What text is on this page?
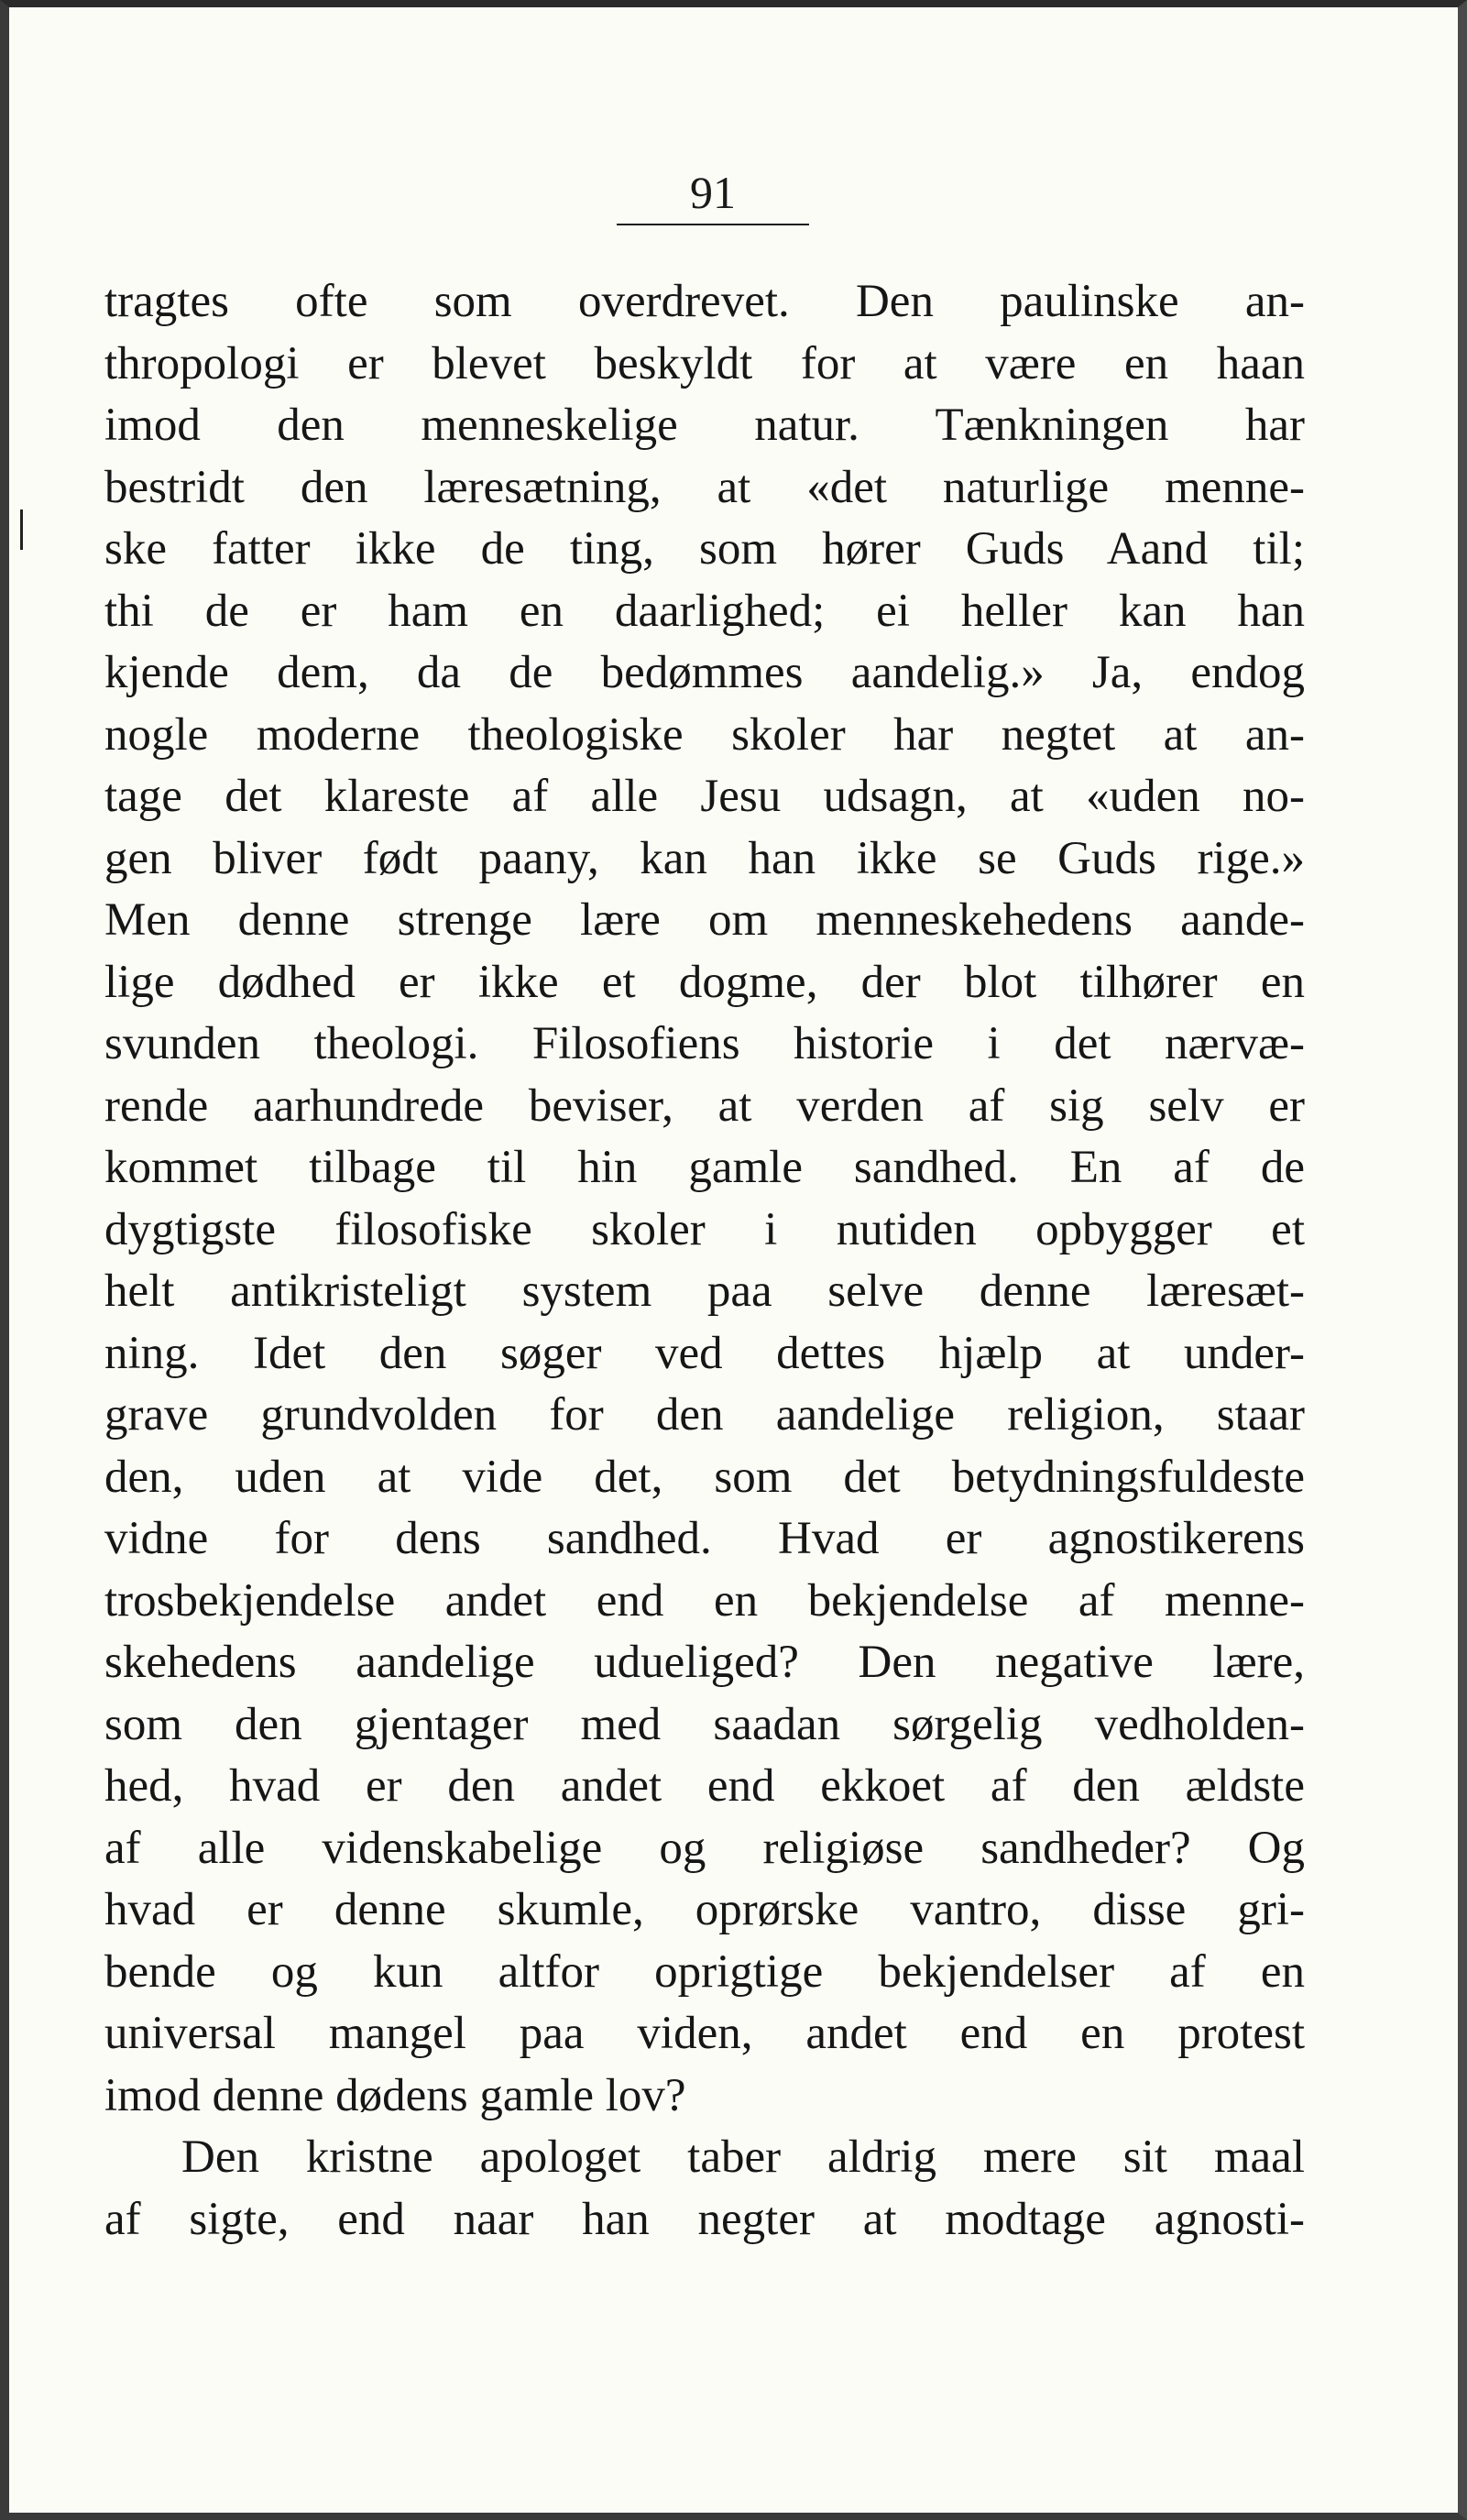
91
tragtes ofte som overdrevet. Den paulinske an-
thropologi er blevet beskyldt for at være en haan
imod den menneskelige natur. Tænkningen har
bestridt den læresætning, at «det naturlige menne-
ske fatter ikke de ting, som hører Guds Aand til;
thi de er ham en daarlighed; ei heller kan han
kjende dem, da de bedømmes aandelig.» Ja, endog
nogle moderne theologiske skoler har negtet at an-
tage det klareste af alle Jesu udsagn, at «uden no-
gen bliver født paany, kan han ikke se Guds rige.»
Men denne strenge lære om menneskehedens aande-
lige dødhed er ikke et dogme, der blot tilhører en
svunden theologi. Filosofiens historie i det nærvæ-
rende aarhundrede beviser, at verden af sig selv er
kommet tilbage til hin gamle sandhed. En af de
dygtigste filosofiske skoler i nutiden opbygger et
helt antikristeligt system paa selve denne læresæt-
ning. Idet den søger ved dettes hjælp at under-
grave grundvolden for den aandelige religion, staar
den, uden at vide det, som det betydningsfuldeste
vidne for dens sandhed. Hvad er agnostikerens
trosbekjendelse andet end en bekjendelse af menne-
skehedens aandelige udueliged? Den negative lære,
som den gjentager med saadan sørgelig vedholden-
hed, hvad er den andet end ekkoet af den ældste
af alle videnskabelige og religiøse sandheder? Og
hvad er denne skumle, oprørske vantro, disse gri-
bende og kun altfor oprigtige bekjendelser af en
universal mangel paa viden, andet end en protest
imod denne dødens gamle lov?
Den kristne apologet taber aldrig mere sit maal
af sigte, end naar han negter at modtage agnosti-
